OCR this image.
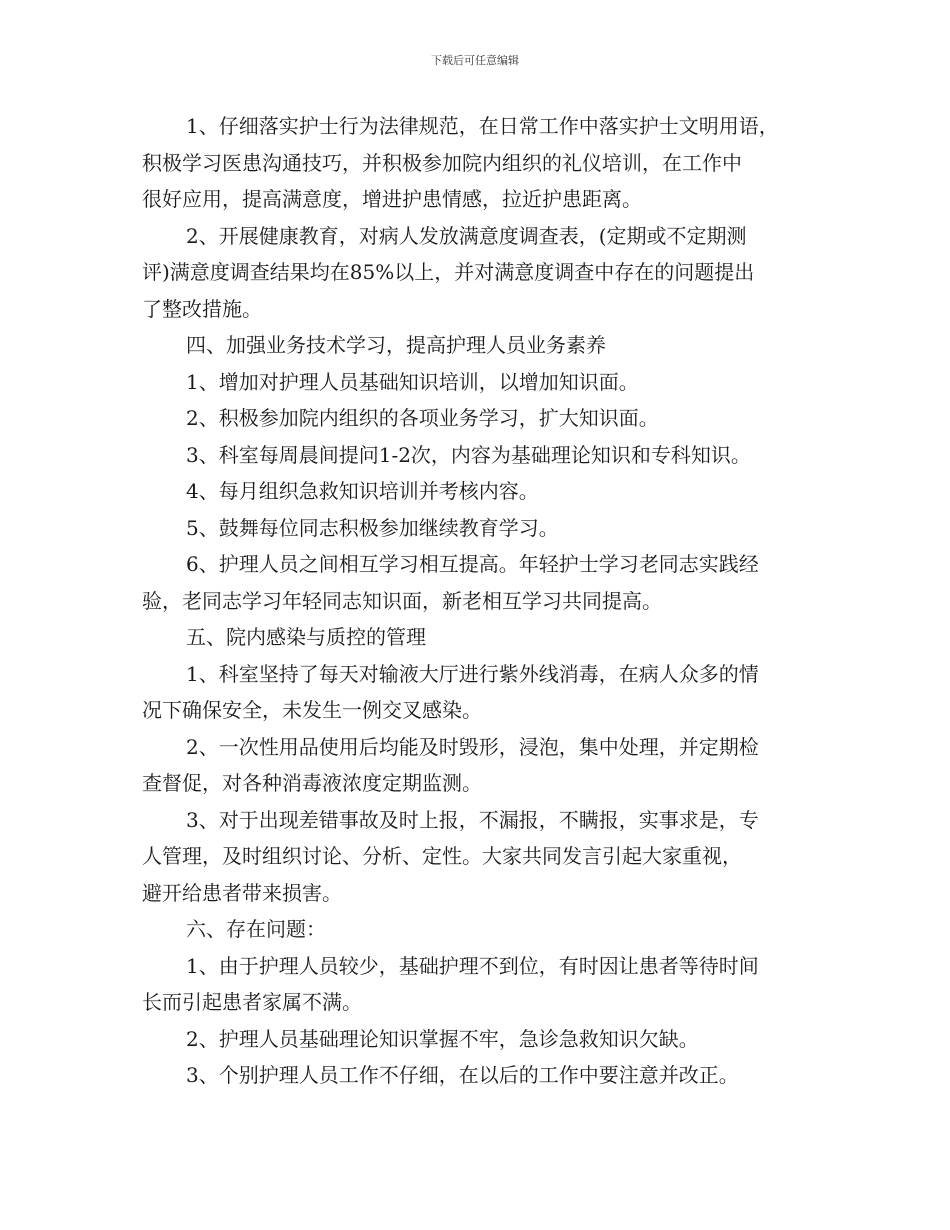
下载后可任意编辑

1、仔细落实护士行为法律规范，在日常工作中落实护士文明用语，
积极学习医患沟通技巧，并积极参加院内组织的礼仪培训，在工作中
很好应用，提高满意度，增进护患情感，拉近护患距离。

2、开展健康教育，对病人发放满意度调查表，(定期或不定期测
评)满意度调查结果均在85%以上，并对满意度调查中存在的问题提出
了整改措施。

四、加强业务技术学习，提高护理人员业务素养

1、增加对护理人员基础知识培训，以增加知识面。

2、积极参加院内组织的各项业务学习，扩大知识面。

3、科室每周晨间提问1-2次，内容为基础理论知识和专科知识。

4、每月组织急救知识培训并考核内容。

5、鼓舞每位同志积极参加继续教育学习。

6、护理人员之间相互学习相互提高。年轻护士学习老同志实践经
验，老同志学习年轻同志知识面，新老相互学习共同提高。

五、院内感染与质控的管理

1、科室坚持了每天对输液大厅进行紫外线消毒，在病人众多的情
况下确保安全，未发生一例交叉感染。

2、一次性用品使用后均能及时毁形，浸泡，集中处理，并定期检
查督促，对各种消毒液浓度定期监测。

3、对于出现差错事故及时上报，不漏报，不瞒报，实事求是，专
人管理，及时组织讨论、分析、定性。大家共同发言引起大家重视，
避开给患者带来损害。

六、存在问题：

1、由于护理人员较少，基础护理不到位，有时因让患者等待时间
长而引起患者家属不满。

2、护理人员基础理论知识掌握不牢，急诊急救知识欠缺。

3、个别护理人员工作不仔细，在以后的工作中要注意并改正。
